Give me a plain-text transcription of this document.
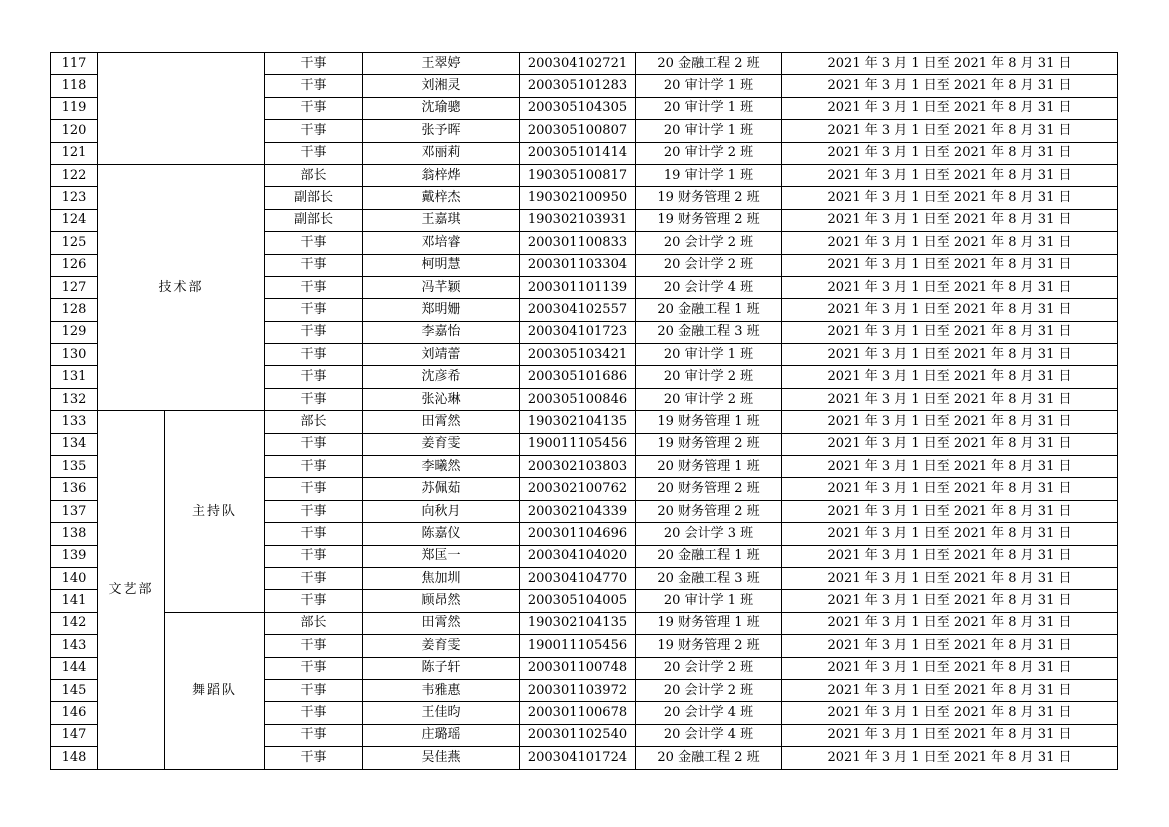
117			干事	王翠婷	200304102721	20 金融工程 2 班	2021 年 3 月 1 日至 2021 年 8 月 31 日
118			干事	刘湘灵	200305101283	20 审计学 1 班	2021 年 3 月 1 日至 2021 年 8 月 31 日
119			干事	沈瑜骢	200305104305	20 审计学 1 班	2021 年 3 月 1 日至 2021 年 8 月 31 日
120			干事	张予晖	200305100807	20 审计学 1 班	2021 年 3 月 1 日至 2021 年 8 月 31 日
121			干事	邓丽莉	200305101414	20 审计学 2 班	2021 年 3 月 1 日至 2021 年 8 月 31 日
122	技术部		部长	翁梓烨	190305100817	19 审计学 1 班	2021 年 3 月 1 日至 2021 年 8 月 31 日
123			副部长	戴梓杰	190302100950	19 财务管理 2 班	2021 年 3 月 1 日至 2021 年 8 月 31 日
124			副部长	王嘉琪	190302103931	19 财务管理 2 班	2021 年 3 月 1 日至 2021 年 8 月 31 日
125			干事	邓培睿	200301100833	20 会计学 2 班	2021 年 3 月 1 日至 2021 年 8 月 31 日
126			干事	柯明慧	200301103304	20 会计学 2 班	2021 年 3 月 1 日至 2021 年 8 月 31 日
127			干事	冯芊颖	200301101139	20 会计学 4 班	2021 年 3 月 1 日至 2021 年 8 月 31 日
128			干事	郑明姗	200304102557	20 金融工程 1 班	2021 年 3 月 1 日至 2021 年 8 月 31 日
129			干事	李嘉怡	200304101723	20 金融工程 3 班	2021 年 3 月 1 日至 2021 年 8 月 31 日
130			干事	刘靖蕾	200305103421	20 审计学 1 班	2021 年 3 月 1 日至 2021 年 8 月 31 日
131			干事	沈彦希	200305101686	20 审计学 2 班	2021 年 3 月 1 日至 2021 年 8 月 31 日
132			干事	张沁琳	200305100846	20 审计学 2 班	2021 年 3 月 1 日至 2021 年 8 月 31 日
133	文艺部	主持队	部长	田霄然	190302104135	19 财务管理 1 班	2021 年 3 月 1 日至 2021 年 8 月 31 日
134			干事	姜育雯	190011105456	19 财务管理 2 班	2021 年 3 月 1 日至 2021 年 8 月 31 日
135			干事	李曦然	200302103803	20 财务管理 1 班	2021 年 3 月 1 日至 2021 年 8 月 31 日
136			干事	苏佩茹	200302100762	20 财务管理 2 班	2021 年 3 月 1 日至 2021 年 8 月 31 日
137			干事	向秋月	200302104339	20 财务管理 2 班	2021 年 3 月 1 日至 2021 年 8 月 31 日
138			干事	陈嘉仪	200301104696	20 会计学 3 班	2021 年 3 月 1 日至 2021 年 8 月 31 日
139			干事	郑匡一	200304104020	20 金融工程 1 班	2021 年 3 月 1 日至 2021 年 8 月 31 日
140			干事	焦加圳	200304104770	20 金融工程 3 班	2021 年 3 月 1 日至 2021 年 8 月 31 日
141			干事	顾昂然	200305104005	20 审计学 1 班	2021 年 3 月 1 日至 2021 年 8 月 31 日
142		舞蹈队	部长	田霄然	190302104135	19 财务管理 1 班	2021 年 3 月 1 日至 2021 年 8 月 31 日
143			干事	姜育雯	190011105456	19 财务管理 2 班	2021 年 3 月 1 日至 2021 年 8 月 31 日
144			干事	陈子轩	200301100748	20 会计学 2 班	2021 年 3 月 1 日至 2021 年 8 月 31 日
145			干事	韦雅惠	200301103972	20 会计学 2 班	2021 年 3 月 1 日至 2021 年 8 月 31 日
146			干事	王佳昀	200301100678	20 会计学 4 班	2021 年 3 月 1 日至 2021 年 8 月 31 日
147			干事	庄璐瑶	200301102540	20 会计学 4 班	2021 年 3 月 1 日至 2021 年 8 月 31 日
148			干事	吴佳燕	200304101724	20 金融工程 2 班	2021 年 3 月 1 日至 2021 年 8 月 31 日
